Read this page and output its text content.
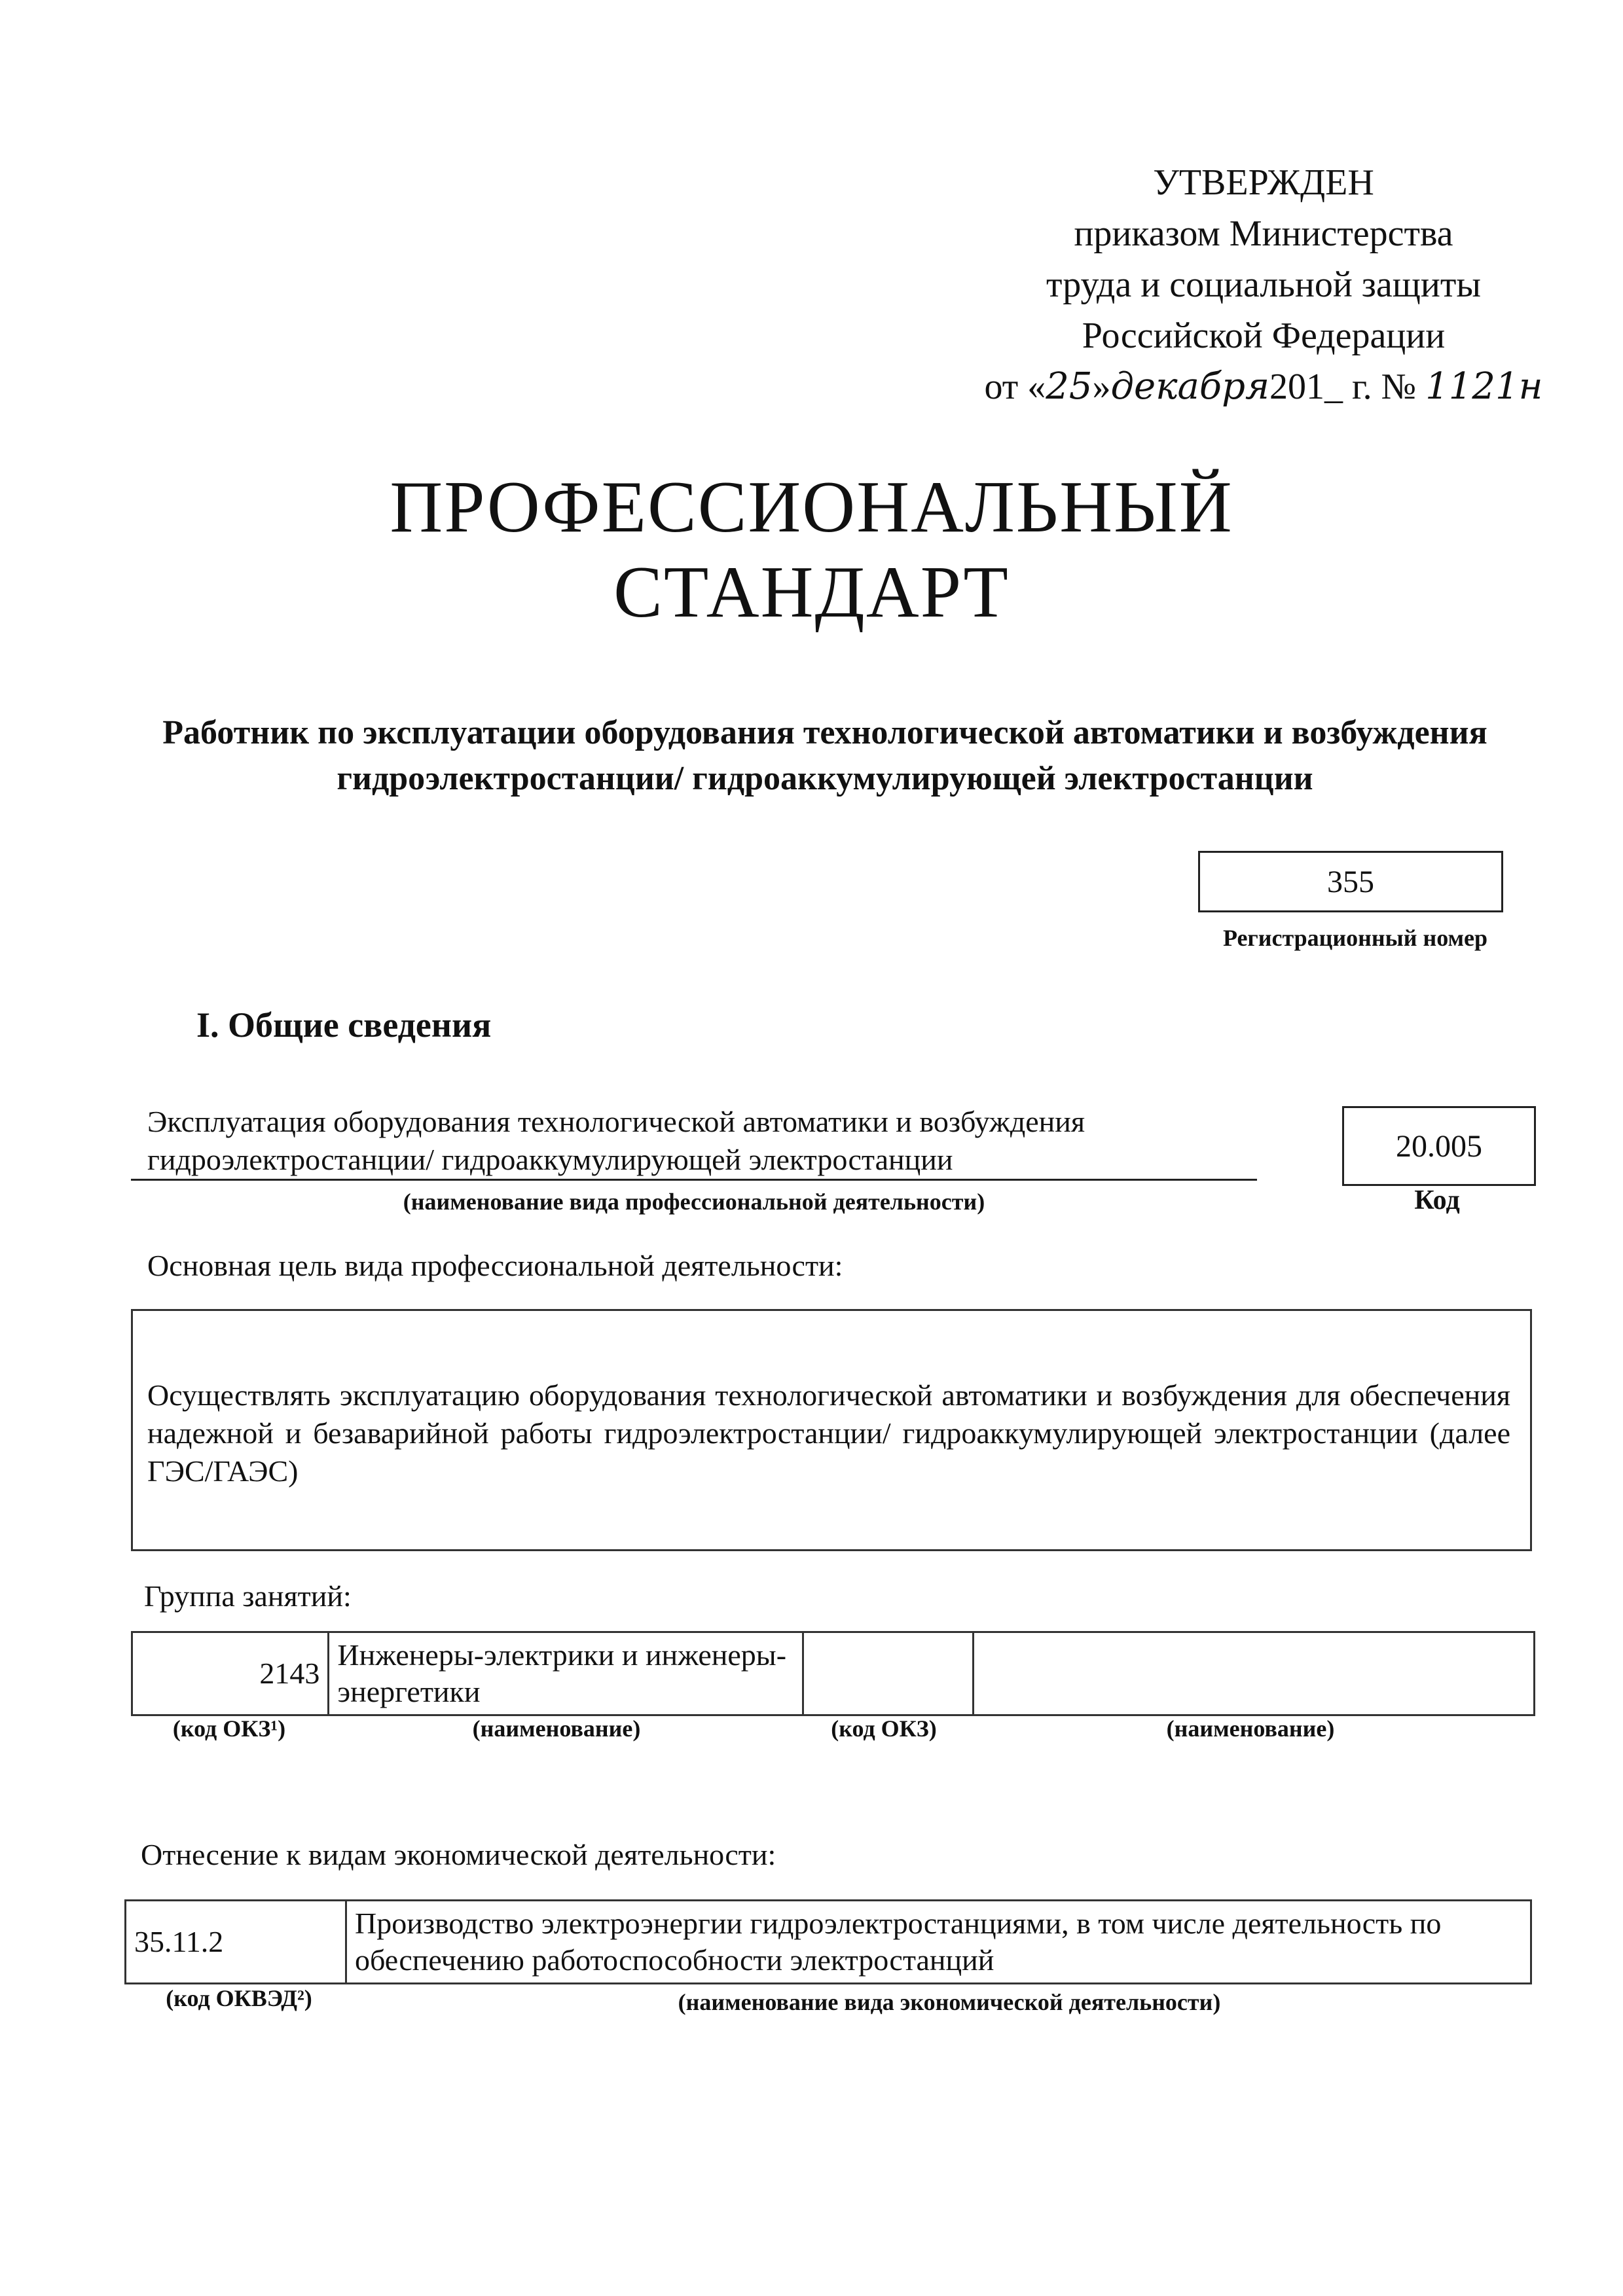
УТВЕРЖДЕН
приказом Министерства
труда и социальной защиты
Российской Федерации
от «25»декабря201_ г. № 1121н
ПРОФЕССИОНАЛЬНЫЙ
СТАНДАРТ
Работник по эксплуатации оборудования технологической автоматики и возбуждения гидроэлектростанции/ гидроаккумулирующей электростанции
355
Регистрационный номер
I. Общие сведения
Эксплуатация оборудования технологической автоматики и возбуждения гидроэлектростанции/ гидроаккумулирующей электростанции
(наименование вида профессиональной деятельности)
20.005
Код
Основная цель вида профессиональной деятельности:
Осуществлять эксплуатацию оборудования технологической автоматики и возбуждения для обеспечения надежной и безаварийной работы гидроэлектростанции/ гидроаккумулирующей электростанции (далее ГЭС/ГАЭС)
Группа занятий:
2143	Инженеры-электрики и инженеры-энергетики		
(код ОКЗ¹)	(наименование)	(код ОКЗ)	(наименование)
Отнесение к видам экономической деятельности:
35.11.2	Производство электроэнергии гидроэлектростанциями, в том числе деятельность по обеспечению работоспособности электростанций
(код ОКВЭД²)	(наименование вида экономической деятельности)
